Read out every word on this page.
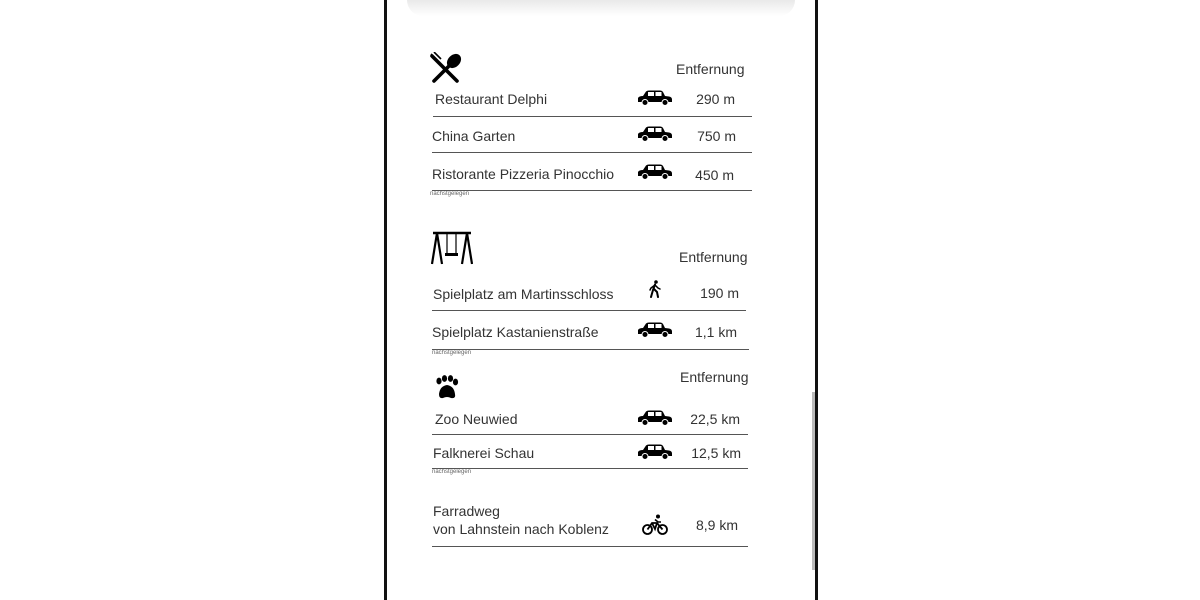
Entfernung
Restaurant Delphi	290 m
China Garten	750 m
Ristorante Pizzeria Pinocchio	450 m
nächstgelegen
Entfernung
Spielplatz am Martinsschloss	190 m
Spielplatz Kastanienstraße	1,1 km
nächstgelegen
Entfernung
Zoo Neuwied	22,5 km
Falknerei Schau	12,5 km
nächstgelegen
Farradweg
von Lahnstein nach Koblenz	8,9 km
